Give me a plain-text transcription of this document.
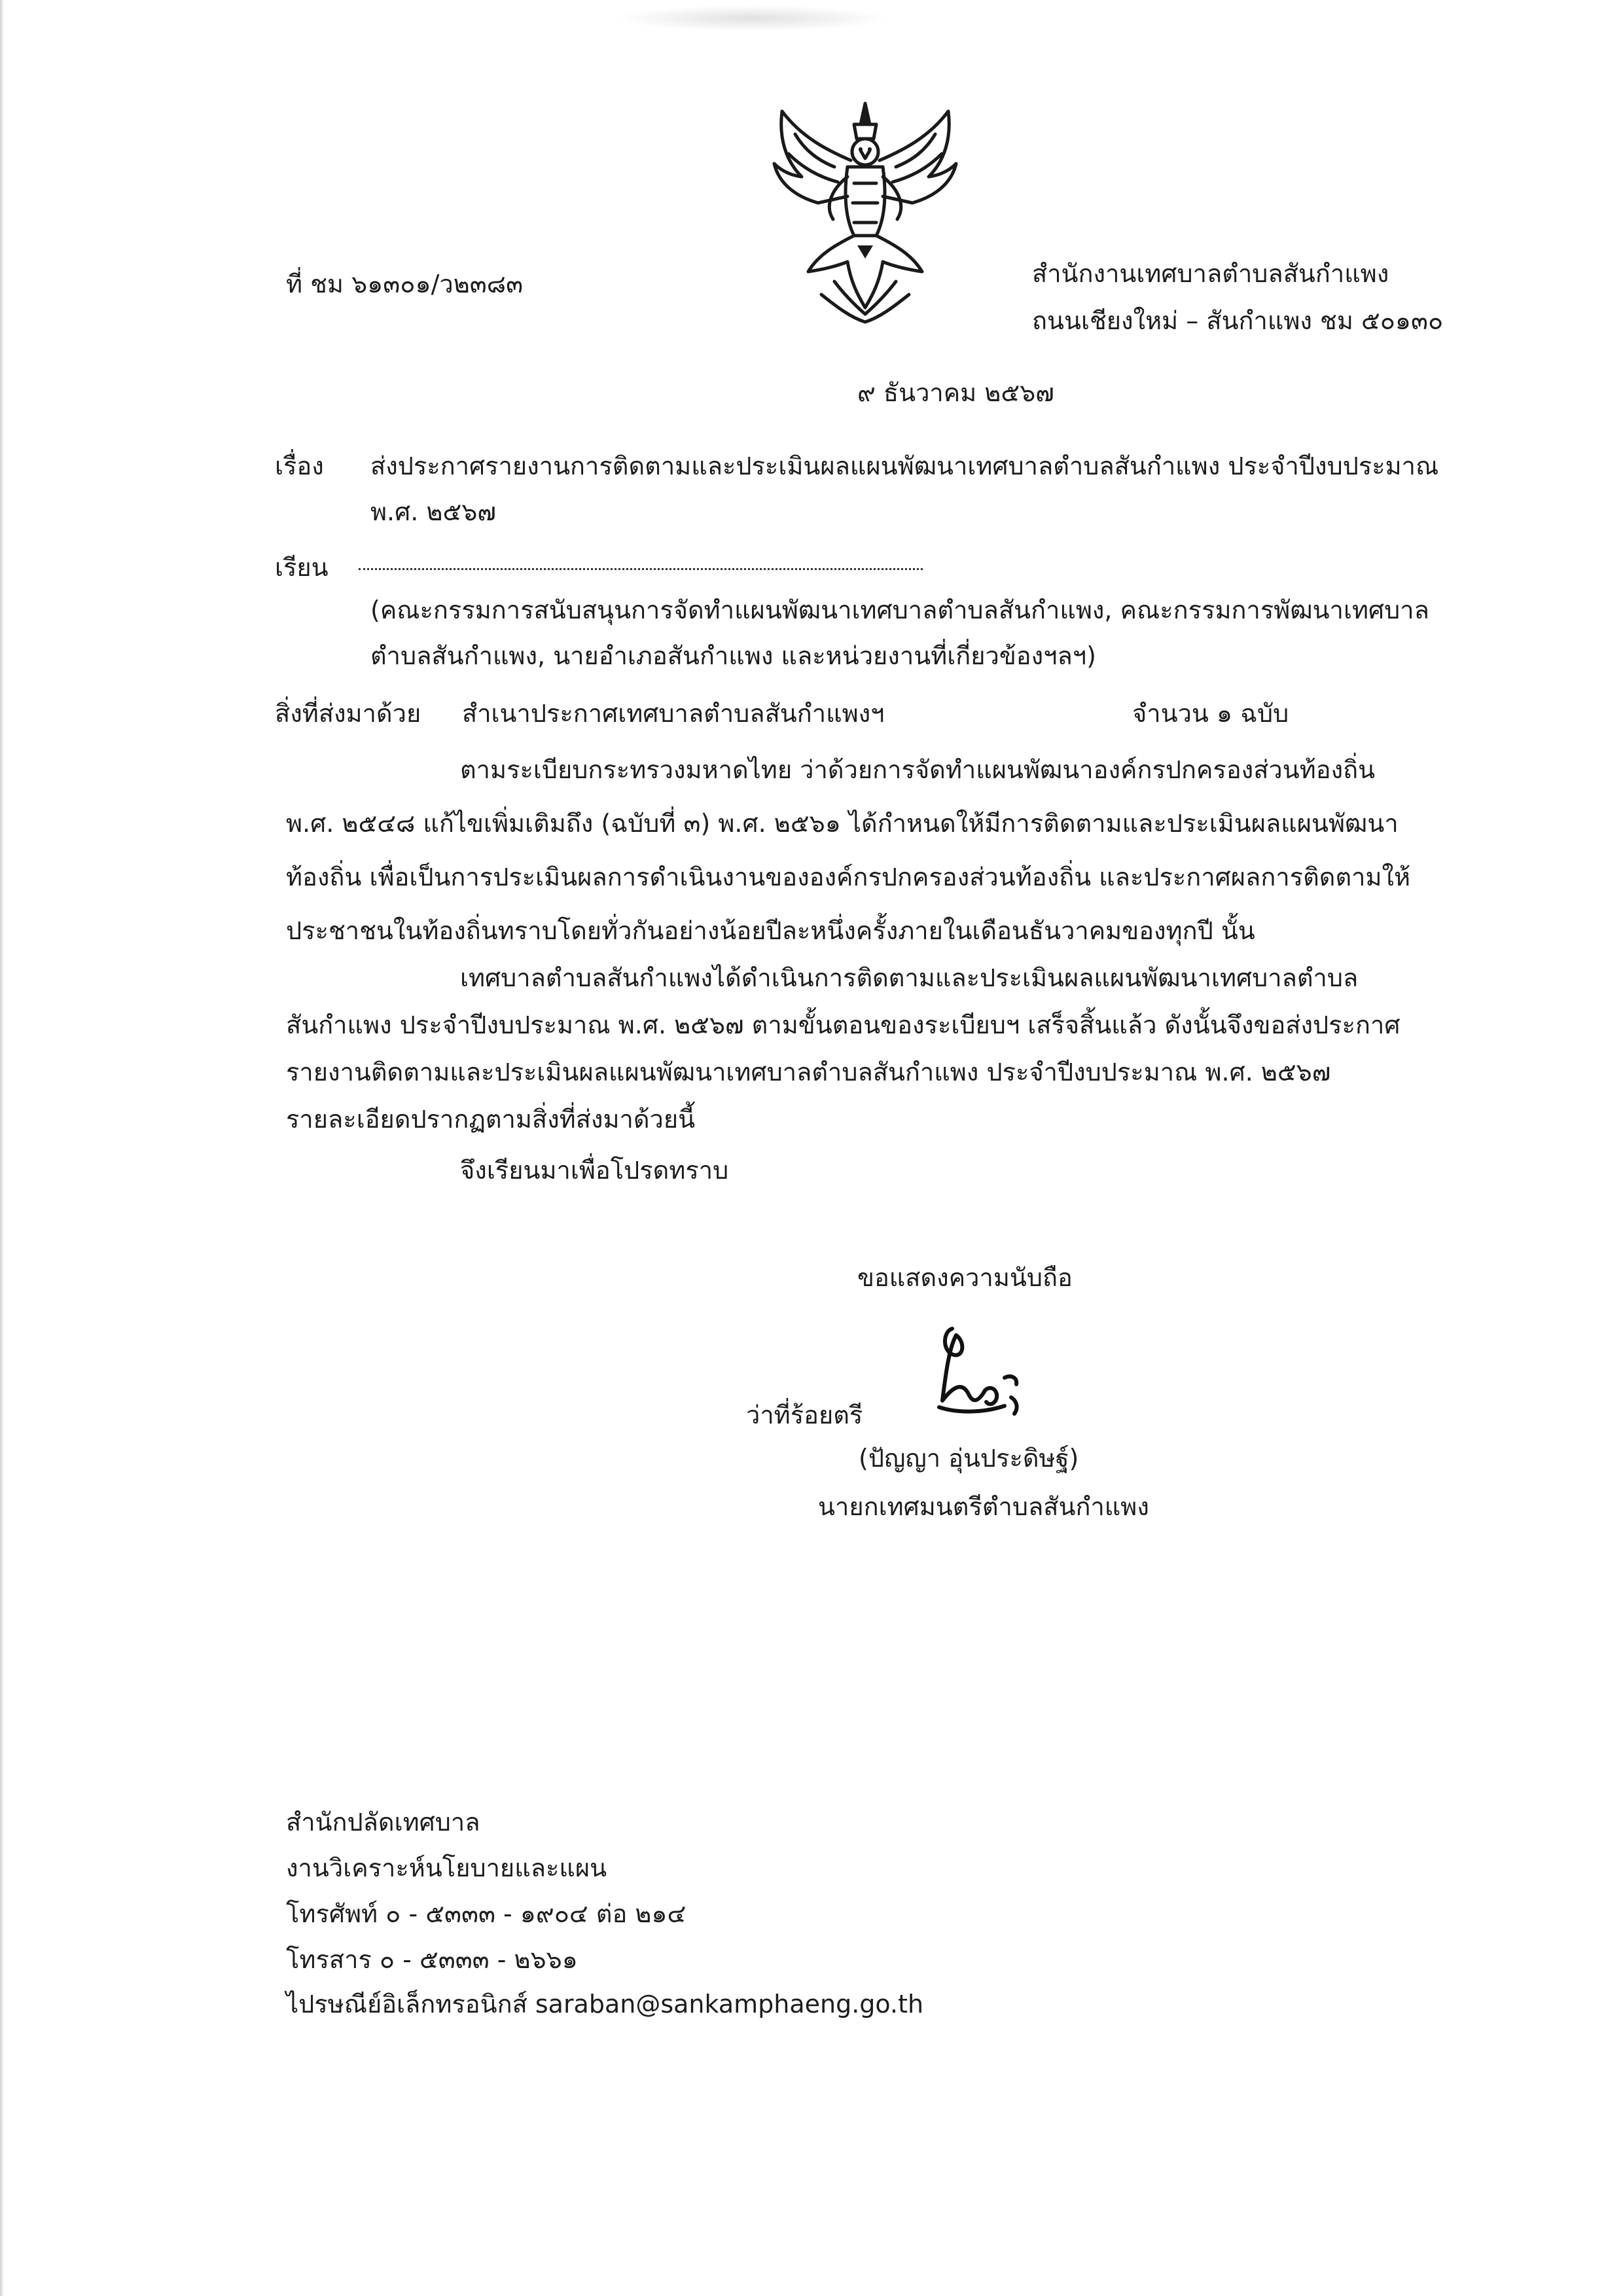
ที่ ชม ๖๑๓๐๑/ว๒๓๘๓	สำนักงานเทศบาลตำบลสันกำแพง
ถนนเชียงใหม่ – สันกำแพง ชม ๕๐๑๓๐
๙ ธันวาคม ๒๕๖๗
เรื่อง ส่งประกาศรายงานการติดตามและประเมินผลแผนพัฒนาเทศบาลตำบลสันกำแพง ประจำปีงบประมาณ
พ.ศ. ๒๕๖๗
เรียน
(คณะกรรมการสนับสนุนการจัดทำแผนพัฒนาเทศบาลตำบลสันกำแพง, คณะกรรมการพัฒนาเทศบาล
ตำบลสันกำแพง, นายอำเภอสันกำแพง และหน่วยงานที่เกี่ยวข้องฯลฯ)
สิ่งที่ส่งมาด้วย สำเนาประกาศเทศบาลตำบลสันกำแพงฯ	จำนวน ๑ ฉบับ
ตามระเบียบกระทรวงมหาดไทย ว่าด้วยการจัดทำแผนพัฒนาองค์กรปกครองส่วนท้องถิ่น
พ.ศ. ๒๕๔๘ แก้ไขเพิ่มเติมถึง (ฉบับที่ ๓) พ.ศ. ๒๕๖๑ ได้กำหนดให้มีการติดตามและประเมินผลแผนพัฒนา
ท้องถิ่น เพื่อเป็นการประเมินผลการดำเนินงานขององค์กรปกครองส่วนท้องถิ่น และประกาศผลการติดตามให้
ประชาชนในท้องถิ่นทราบโดยทั่วกันอย่างน้อยปีละหนึ่งครั้งภายในเดือนธันวาคมของทุกปี นั้น
เทศบาลตำบลสันกำแพงได้ดำเนินการติดตามและประเมินผลแผนพัฒนาเทศบาลตำบล
สันกำแพง ประจำปีงบประมาณ พ.ศ. ๒๕๖๗ ตามขั้นตอนของระเบียบฯ เสร็จสิ้นแล้ว ดังนั้นจึงขอส่งประกาศ
รายงานติดตามและประเมินผลแผนพัฒนาเทศบาลตำบลสันกำแพง ประจำปีงบประมาณ พ.ศ. ๒๕๖๗
รายละเอียดปรากฏตามสิ่งที่ส่งมาด้วยนี้
จึงเรียนมาเพื่อโปรดทราบ
ขอแสดงความนับถือ
ว่าที่ร้อยตรี
(ปัญญา อุ่นประดิษฐ์)
นายกเทศมนตรีตำบลสันกำแพง
สำนักปลัดเทศบาล
งานวิเคราะห์นโยบายและแผน
โทรศัพท์ ๐ - ๕๓๓๓ - ๑๙๐๔ ต่อ ๒๑๔
โทรสาร ๐ - ๕๓๓๓ - ๒๖๖๑
ไปรษณีย์อิเล็กทรอนิกส์ saraban@sankamphaeng.go.th
